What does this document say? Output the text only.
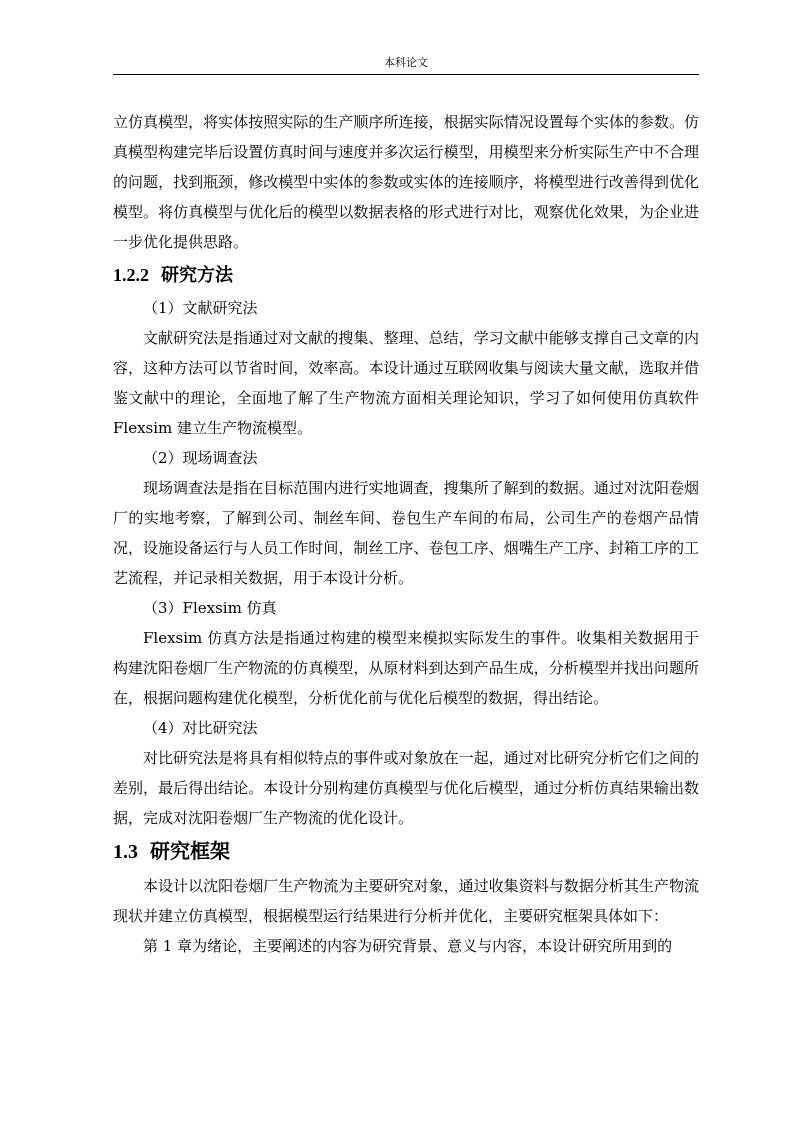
本科论文
立仿真模型，将实体按照实际的生产顺序所连接，根据实际情况设置每个实体的参数。仿真模型构建完毕后设置仿真时间与速度并多次运行模型，用模型来分析实际生产中不合理的问题，找到瓶颈，修改模型中实体的参数或实体的连接顺序，将模型进行改善得到优化模型。将仿真模型与优化后的模型以数据表格的形式进行对比，观察优化效果，为企业进一步优化提供思路。
1.2.2 研究方法
（1）文献研究法
文献研究法是指通过对文献的搜集、整理、总结，学习文献中能够支撑自己文章的内容，这种方法可以节省时间，效率高。本设计通过互联网收集与阅读大量文献，选取并借鉴文献中的理论，全面地了解了生产物流方面相关理论知识，学习了如何使用仿真软件 Flexsim 建立生产物流模型。
（2）现场调查法
现场调查法是指在目标范围内进行实地调查，搜集所了解到的数据。通过对沈阳卷烟厂的实地考察，了解到公司、制丝车间、卷包生产车间的布局，公司生产的卷烟产品情况，设施设备运行与人员工作时间，制丝工序、卷包工序、烟嘴生产工序、封箱工序的工艺流程，并记录相关数据，用于本设计分析。
（3）Flexsim 仿真
Flexsim 仿真方法是指通过构建的模型来模拟实际发生的事件。收集相关数据用于构建沈阳卷烟厂生产物流的仿真模型，从原材料到达到产品生成，分析模型并找出问题所在，根据问题构建优化模型，分析优化前与优化后模型的数据，得出结论。
（4）对比研究法
对比研究法是将具有相似特点的事件或对象放在一起，通过对比研究分析它们之间的差别，最后得出结论。本设计分别构建仿真模型与优化后模型，通过分析仿真结果输出数据，完成对沈阳卷烟厂生产物流的优化设计。
1.3 研究框架
本设计以沈阳卷烟厂生产物流为主要研究对象，通过收集资料与数据分析其生产物流现状并建立仿真模型，根据模型运行结果进行分析并优化，主要研究框架具体如下：
第 1 章为绪论，主要阐述的内容为研究背景、意义与内容，本设计研究所用到的
